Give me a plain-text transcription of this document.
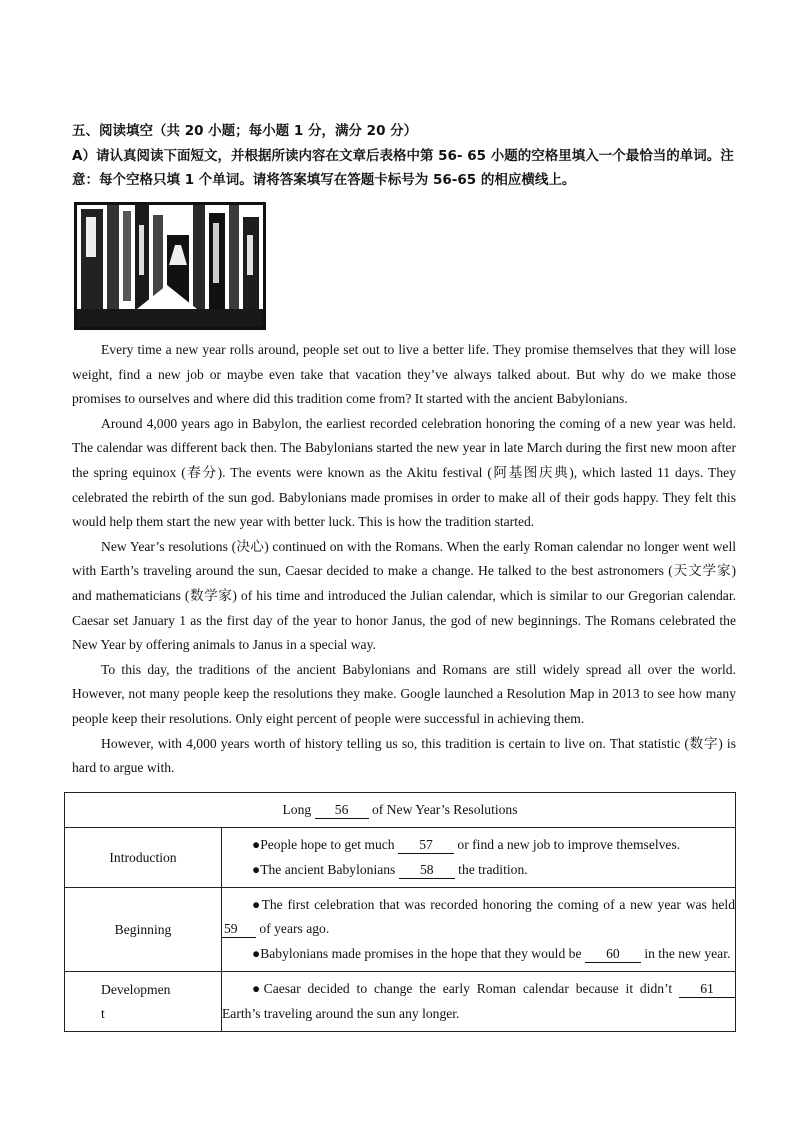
五、阅读填空（共 20 小题；每小题 1 分，满分 20 分）

A）请认真阅读下面短文，并根据所读内容在文章后表格中第 56- 65 小题的空格里填入一个最恰当的单词。注意：每个空格只填 1 个单词。请将答案填写在答题卡标号为 56-65 的相应横线上。

Every time a new year rolls around, people set out to live a better life. They promise themselves that they will lose weight, find a new job or maybe even take that vacation they’ve always talked about. But why do we make those promises to ourselves and where did this tradition come from? It started with the ancient Babylonians.

Around 4,000 years ago in Babylon, the earliest recorded celebration honoring the coming of a new year was held. The calendar was different back then. The Babylonians started the new year in late March during the first new moon after the spring equinox (春分). The events were known as the Akitu festival (阿基图庆典), which lasted 11 days. They celebrated the rebirth of the sun god. Babylonians made promises in order to make all of their gods happy. They felt this would help them start the new year with better luck. This is how the tradition started.

New Year’s resolutions (决心) continued on with the Romans. When the early Roman calendar no longer went well with Earth’s traveling around the sun, Caesar decided to make a change. He talked to the best astronomers (天文学家) and mathematicians (数学家) of his time and introduced the Julian calendar, which is similar to our Gregorian calendar. Caesar set January 1 as the first day of the year to honor Janus, the god of new beginnings. The Romans celebrated the New Year by offering animals to Janus in a special way.

To this day, the traditions of the ancient Babylonians and Romans are still widely spread all over the world. However, not many people keep the resolutions they make. Google launched a Resolution Map in 2013 to see how many people keep their resolutions. Only eight percent of people were successful in achieving them.

However, with 4,000 years worth of history telling us so, this tradition is certain to live on. That statistic (数字) is hard to argue with.

Long 56 of New Year’s Resolutions	
Introduction	●People hope to get much 57 or find a new job to improve themselves.

●The ancient Babylonians 58 the tradition.

Beginning	●The first celebration that was recorded honoring the coming of a new year was held 59 of years ago.

●Babylonians made promises in the hope that they would be 60 in the new year.

Developmen
t	●Caesar decided to change the early Roman calendar because it didn’t 61 Earth’s traveling around the sun any longer.
